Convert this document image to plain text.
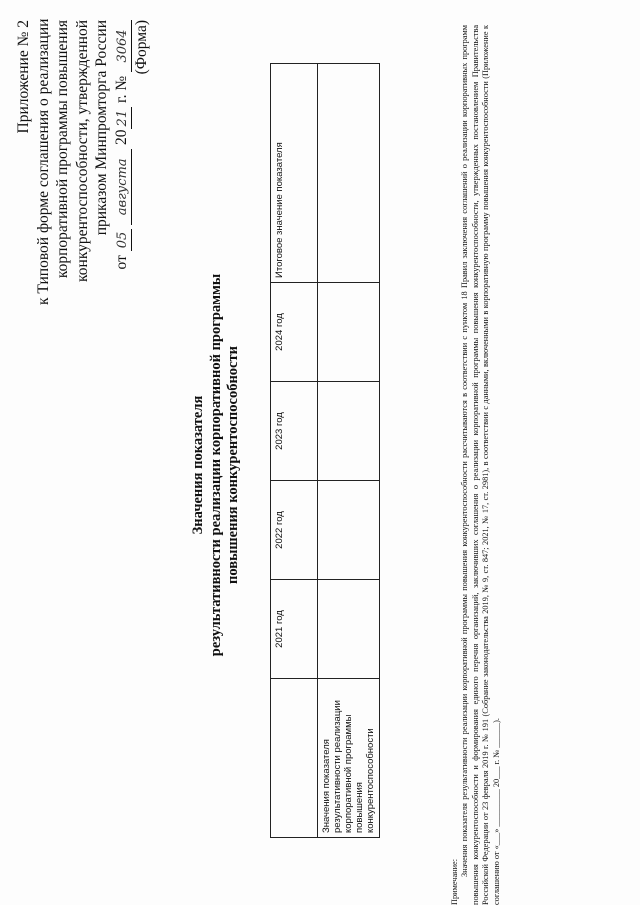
Приложение № 2 к Типовой форме соглашения о реализации корпоративной программы повышения конкурентоспособности, утвержденной приказом Минпромторга России
от 05 августа 2021 г. № 3064 (Форма)
Значения показателя результативности реализации корпоративной программы повышения конкурентоспособности
	2021 год	2022 год	2023 год	2024 год	Итоговое значение показателя
Значения показателя результативности реализации корпоративной программы повышения конкурентоспособности					

Примечание:

Значения показателя результативности реализации корпоративной программы повышения конкурентоспособности рассчитываются в соответствии с пунктом 18 Правил заключения соглашений о реализации корпоративных программ повышения конкурентоспособности и формирования единого перечня организаций, заключивших соглашения о реализации корпоративной программы повышения конкурентоспособности, утвержденных постановлением Правительства Российской Федерации от 23 февраля 2019 г. № 191 (Собрание законодательства 2019, № 9, ст. 847; 2021, № 17, ст. 2981), в соответствии с данными, включенными в корпоративную программу повышения конкурентоспособности (Приложение к соглашению от «___» _________ 20___ г. № ______).
